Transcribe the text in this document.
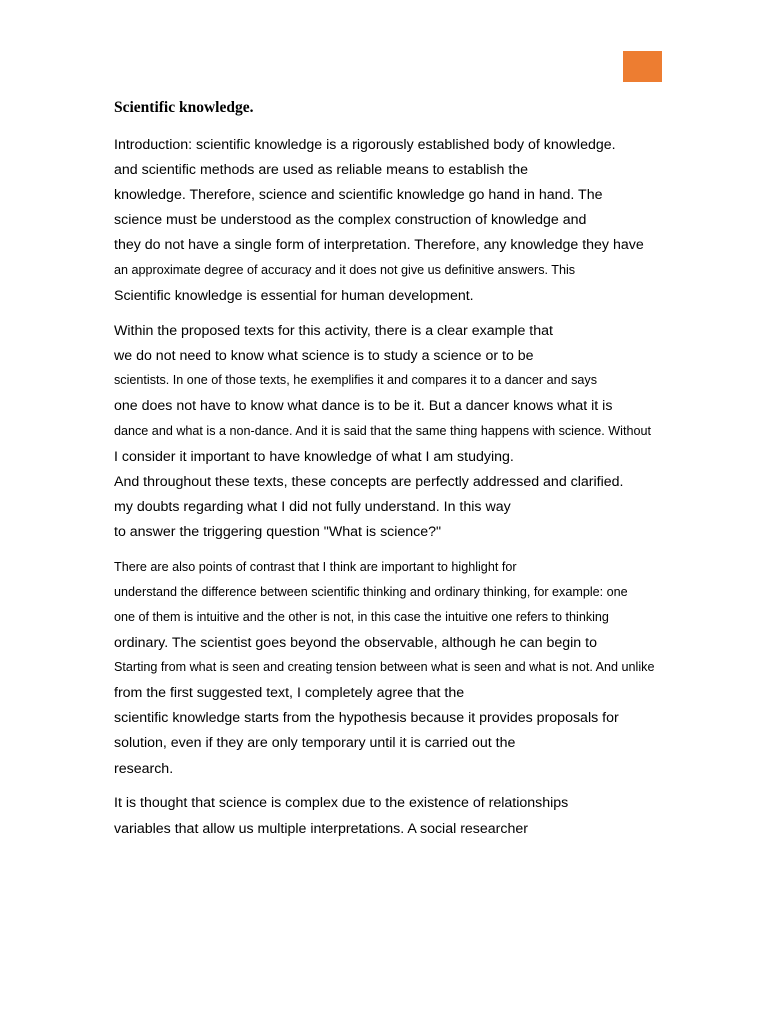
Scientific knowledge.
Introduction: scientific knowledge is a rigorously established body of knowledge.
and scientific methods are used as reliable means to establish the
knowledge. Therefore, science and scientific knowledge go hand in hand. The
science must be understood as the complex construction of knowledge and
they do not have a single form of interpretation. Therefore, any knowledge they have
an approximate degree of accuracy and it does not give us definitive answers. This
Scientific knowledge is essential for human development.
Within the proposed texts for this activity, there is a clear example that
we do not need to know what science is to study a science or to be
scientists. In one of those texts, he exemplifies it and compares it to a dancer and says
one does not have to know what dance is to be it. But a dancer knows what it is
dance and what is a non-dance. And it is said that the same thing happens with science. Without
I consider it important to have knowledge of what I am studying.
And throughout these texts, these concepts are perfectly addressed and clarified.
my doubts regarding what I did not fully understand. In this way
to answer the triggering question "What is science?"
There are also points of contrast that I think are important to highlight for
understand the difference between scientific thinking and ordinary thinking, for example: one
one of them is intuitive and the other is not, in this case the intuitive one refers to thinking
ordinary. The scientist goes beyond the observable, although he can begin to
Starting from what is seen and creating tension between what is seen and what is not. And unlike
from the first suggested text, I completely agree that the
scientific knowledge starts from the hypothesis because it provides proposals for
solution, even if they are only temporary until it is carried out the
research.
It is thought that science is complex due to the existence of relationships
variables that allow us multiple interpretations. A social researcher
